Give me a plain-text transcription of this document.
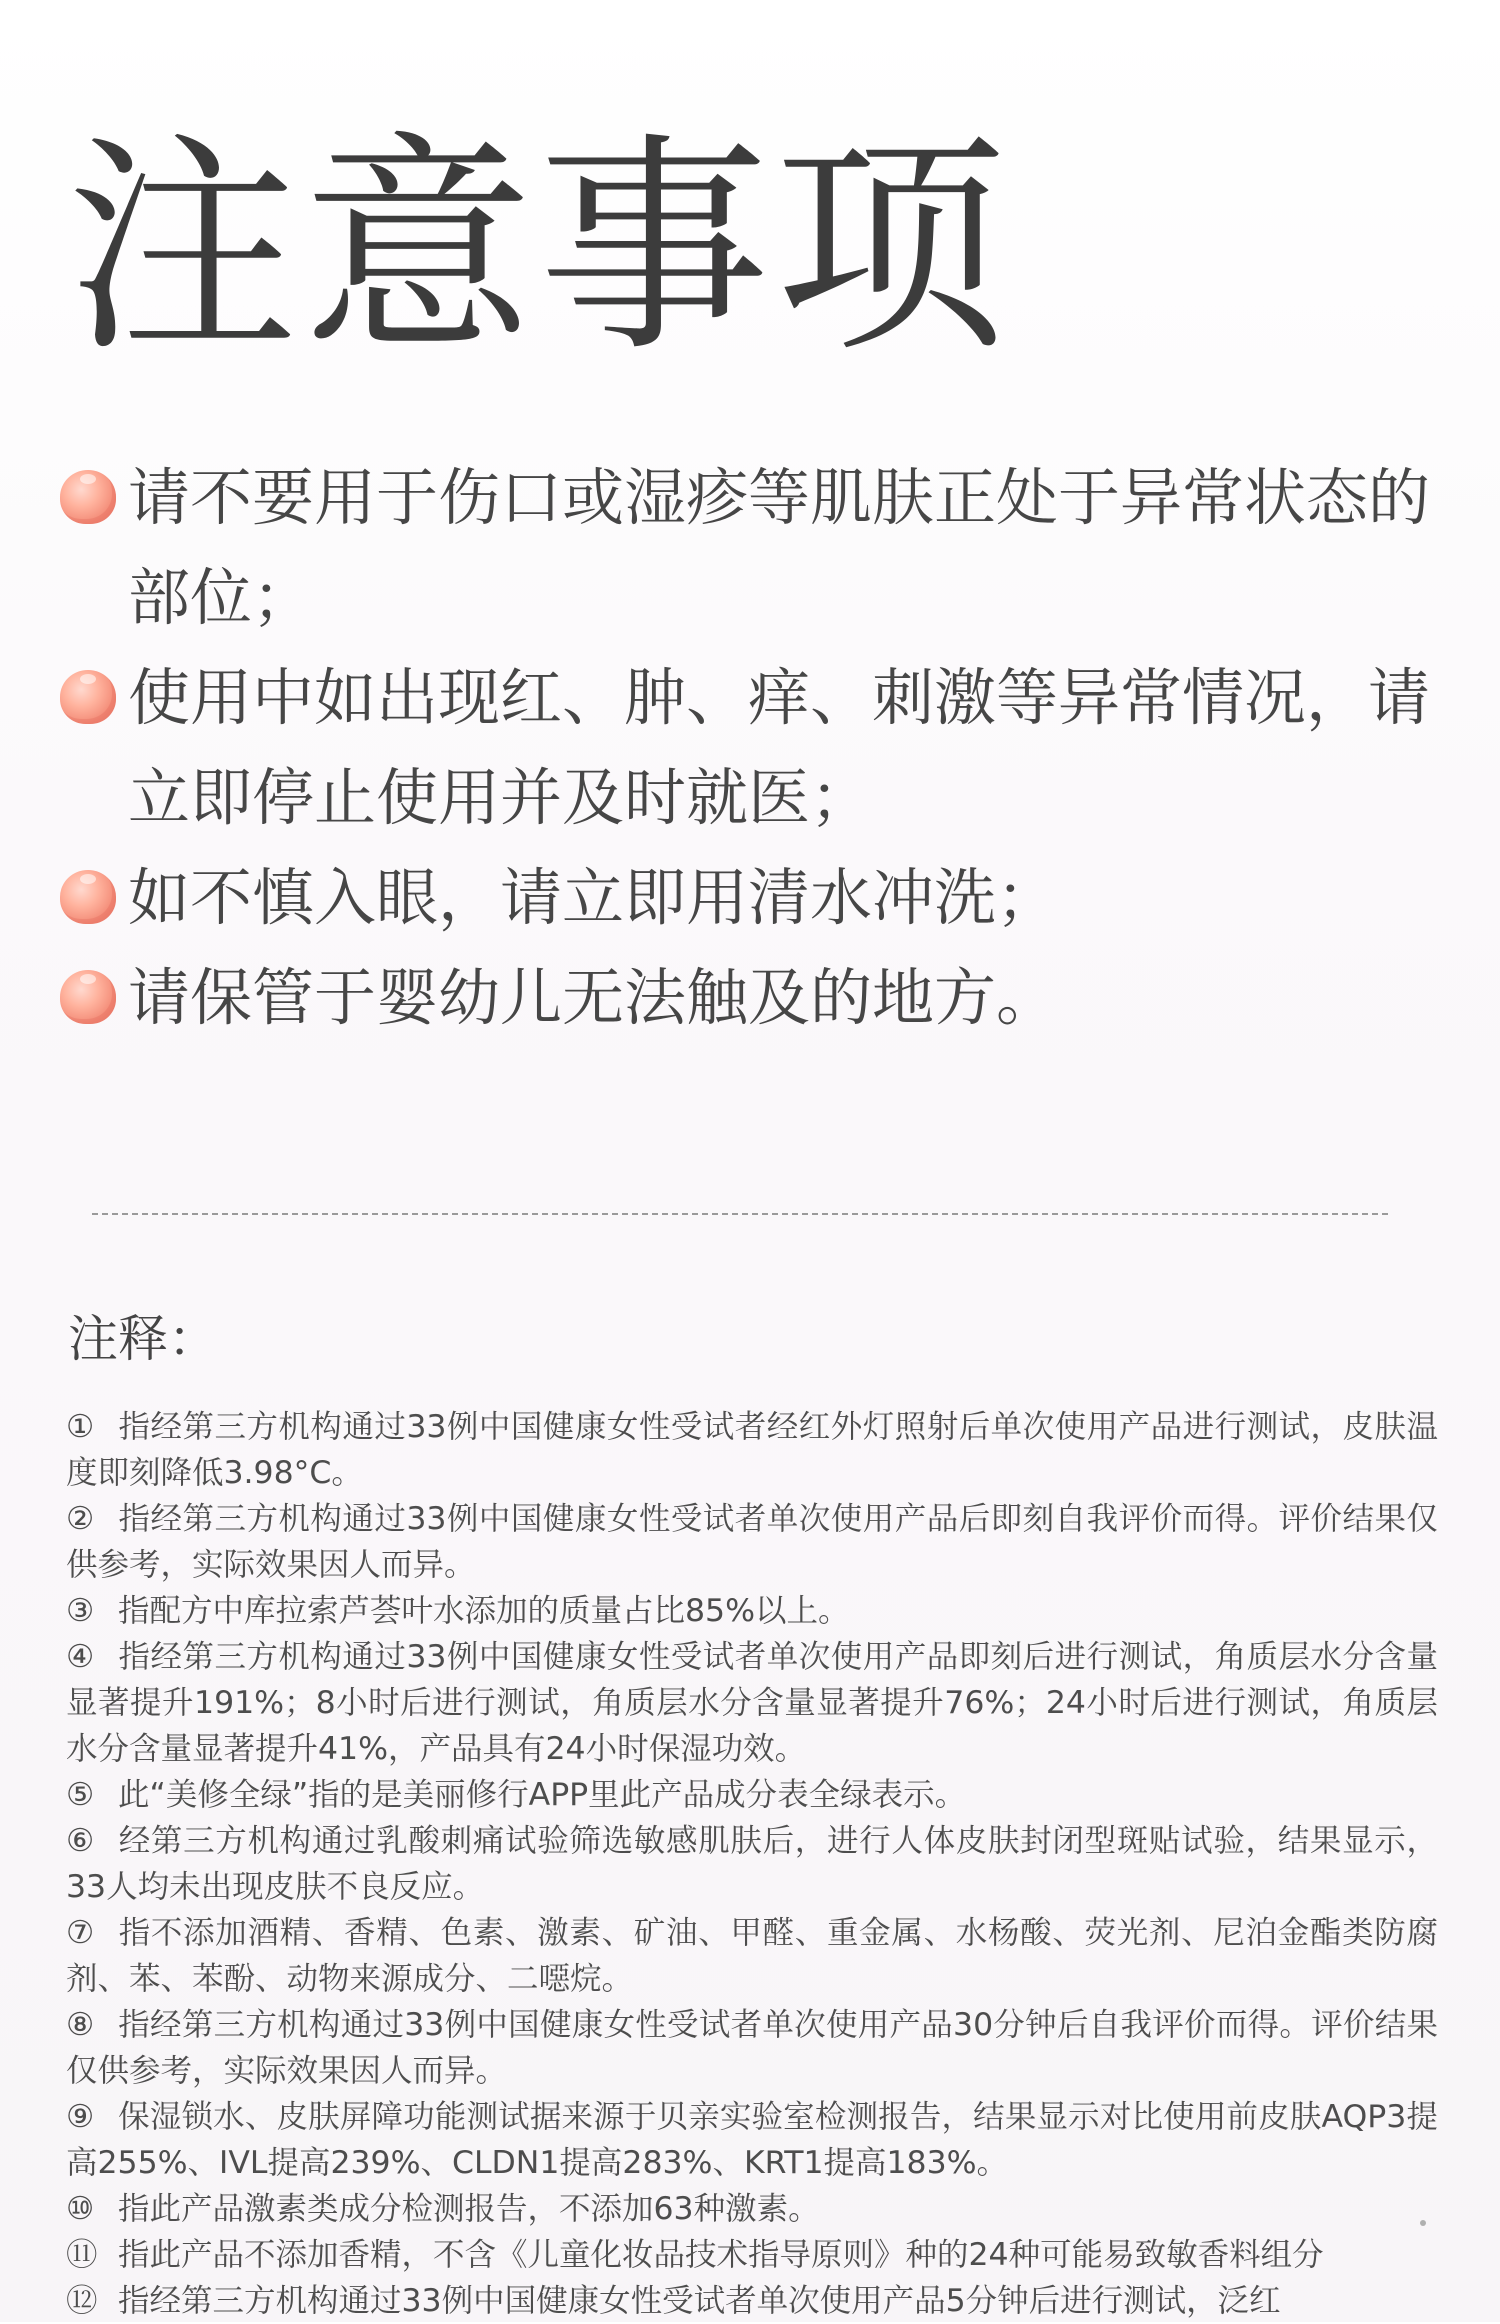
注意事项
请不要用于伤口或湿疹等肌肤正处于异常状态的部位；
使用中如出现红、肿、痒、刺激等异常情况，请立即停止使用并及时就医；
如不慎入眼，请立即用清水冲洗；
请保管于婴幼儿无法触及的地方。
注释：

① 指经第三方机构通过33例中国健康女性受试者经红外灯照射后单次使用产品进行测试，皮肤温度即刻降低3.98°C。

② 指经第三方机构通过33例中国健康女性受试者单次使用产品后即刻自我评价而得。评价结果仅供参考，实际效果因人而异。

③ 指配方中库拉索芦荟叶水添加的质量占比85%以上。

④ 指经第三方机构通过33例中国健康女性受试者单次使用产品即刻后进行测试，角质层水分含量显著提升191%；8小时后进行测试，角质层水分含量显著提升76%；24小时后进行测试，角质层水分含量显著提升41%，产品具有24小时保湿功效。

⑤ 此“美修全绿”指的是美丽修行APP里此产品成分表全绿表示。

⑥ 经第三方机构通过乳酸刺痛试验筛选敏感肌肤后，进行人体皮肤封闭型斑贴试验，结果显示，33人均未出现皮肤不良反应。

⑦ 指不添加酒精、香精、色素、激素、矿油、甲醛、重金属、水杨酸、荧光剂、尼泊金酯类防腐剂、苯、苯酚、动物来源成分、二噁烷。

⑧ 指经第三方机构通过33例中国健康女性受试者单次使用产品30分钟后自我评价而得。评价结果仅供参考，实际效果因人而异。

⑨ 保湿锁水、皮肤屏障功能测试据来源于贝亲实验室检测报告，结果显示对比使用前皮肤AQP3提高255%、IVL提高239%、CLDN1提高283%、KRT1提高183%。

⑩ 指此产品激素类成分检测报告，不添加63种激素。

⑪ 指此产品不添加香精，不含《儿童化妆品技术指导原则》种的24种可能易致敏香料组分

⑫ 指经第三方机构通过33例中国健康女性受试者单次使用产品5分钟后进行测试，泛红
